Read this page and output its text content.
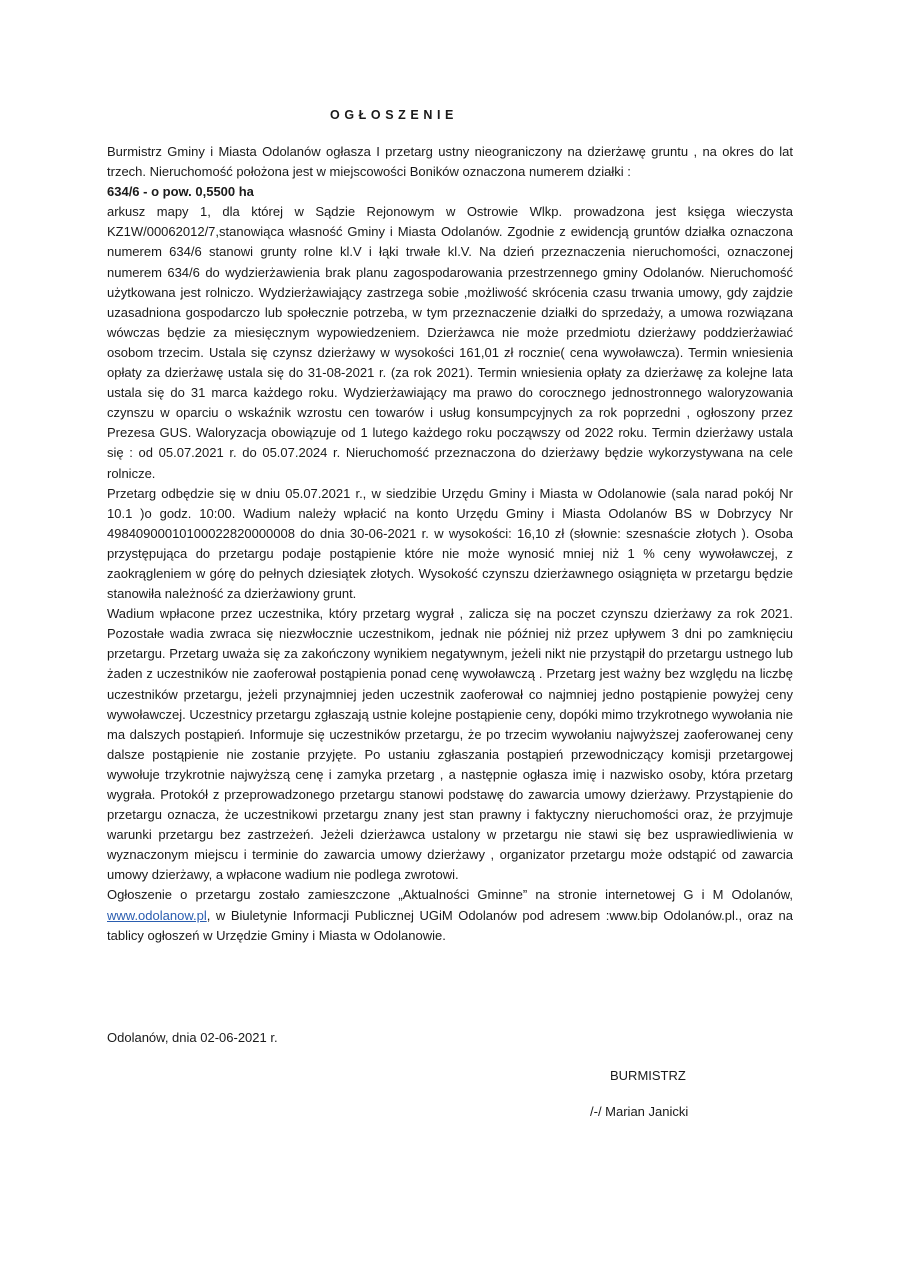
OGŁOSZENIE

Burmistrz Gminy i Miasta Odolanów ogłasza I przetarg ustny nieograniczony na dzierżawę gruntu , na okres do lat trzech. Nieruchomość położona jest w miejscowości Boników oznaczona numerem działki :

634/6 - o pow. 0,5500 ha

arkusz mapy 1, dla której w Sądzie Rejonowym w Ostrowie Wlkp. prowadzona jest księga wieczysta KZ1W/00062012/7,stanowiąca własność Gminy i Miasta Odolanów. Zgodnie z ewidencją gruntów działka oznaczona numerem 634/6 stanowi grunty rolne kl.V i łąki trwałe kl.V. Na dzień przeznaczenia nieruchomości, oznaczonej numerem 634/6 do wydzierżawienia brak planu zagospodarowania przestrzennego gminy Odolanów. Nieruchomość użytkowana jest rolniczo. Wydzierżawiający zastrzega sobie ,możliwość skrócenia czasu trwania umowy, gdy zajdzie uzasadniona gospodarczo lub społecznie potrzeba, w tym przeznaczenie działki do sprzedaży, a umowa rozwiązana wówczas będzie za miesięcznym wypowiedzeniem. Dzierżawca nie może przedmiotu dzierżawy poddzierżawiać osobom trzecim. Ustala się czynsz dzierżawy w wysokości 161,01 zł rocznie( cena wywoławcza). Termin wniesienia opłaty za dzierżawę ustala się do 31-08-2021 r. (za rok 2021). Termin wniesienia opłaty za dzierżawę za kolejne lata ustala się do 31 marca każdego roku. Wydzierżawiający ma prawo do corocznego jednostronnego waloryzowania czynszu w oparciu o wskaźnik wzrostu cen towarów i usług konsumpcyjnych za rok poprzedni , ogłoszony przez Prezesa GUS. Waloryzacja obowiązuje od 1 lutego każdego roku począwszy od 2022 roku. Termin dzierżawy ustala się : od 05.07.2021 r. do 05.07.2024 r. Nieruchomość przeznaczona do dzierżawy będzie wykorzystywana na cele rolnicze.

Przetarg odbędzie się w dniu 05.07.2021 r., w siedzibie Urzędu Gminy i Miasta w Odolanowie (sala narad pokój Nr 10.1 )o godz. 10:00. Wadium należy wpłacić na konto Urzędu Gminy i Miasta Odolanów BS w Dobrzycy Nr 49840900010100022820000008 do dnia 30-06-2021 r. w wysokości: 16,10 zł (słownie: szesnaście złotych ). Osoba przystępująca do przetargu podaje postąpienie które nie może wynosić mniej niż 1 % ceny wywoławczej, z zaokrągleniem w górę do pełnych dziesiątek złotych. Wysokość czynszu dzierżawnego osiągnięta w przetargu będzie stanowiła należność za dzierżawiony grunt.

Wadium wpłacone przez uczestnika, który przetarg wygrał , zalicza się na poczet czynszu dzierżawy za rok 2021. Pozostałe wadia zwraca się niezwłocznie uczestnikom, jednak nie później niż przez upływem 3 dni po zamknięciu przetargu. Przetarg uważa się za zakończony wynikiem negatywnym, jeżeli nikt nie przystąpił do przetargu ustnego lub żaden z uczestników nie zaoferował postąpienia ponad cenę wywoławczą . Przetarg jest ważny bez względu na liczbę uczestników przetargu, jeżeli przynajmniej jeden uczestnik zaoferował co najmniej jedno postąpienie powyżej ceny wywoławczej. Uczestnicy przetargu zgłaszają ustnie kolejne postąpienie ceny, dopóki mimo trzykrotnego wywołania nie ma dalszych postąpień. Informuje się uczestników przetargu, że po trzecim wywołaniu najwyższej zaoferowanej ceny dalsze postąpienie nie zostanie przyjęte. Po ustaniu zgłaszania postąpień przewodniczący komisji przetargowej wywołuje trzykrotnie najwyższą cenę i zamyka przetarg , a następnie ogłasza imię i nazwisko osoby, która przetarg wygrała. Protokół z przeprowadzonego przetargu stanowi podstawę do zawarcia umowy dzierżawy. Przystąpienie do przetargu oznacza, że uczestnikowi przetargu znany jest stan prawny i faktyczny nieruchomości oraz, że przyjmuje warunki przetargu bez zastrzeżeń. Jeżeli dzierżawca ustalony w przetargu nie stawi się bez usprawiedliwienia w wyznaczonym miejscu i terminie do zawarcia umowy dzierżawy , organizator przetargu może odstąpić od zawarcia umowy dzierżawy, a wpłacone wadium nie podlega zwrotowi.

Ogłoszenie o przetargu zostało zamieszczone „Aktualności Gminne” na stronie internetowej G i M Odolanów, www.odolanow.pl, w Biuletynie Informacji Publicznej UGiM Odolanów pod adresem :www.bip Odolanów.pl., oraz na tablicy ogłoszeń w Urzędzie Gminy i Miasta w Odolanowie.

Odolanów, dnia 02-06-2021 r.

BURMISTRZ

/-/ Marian Janicki
